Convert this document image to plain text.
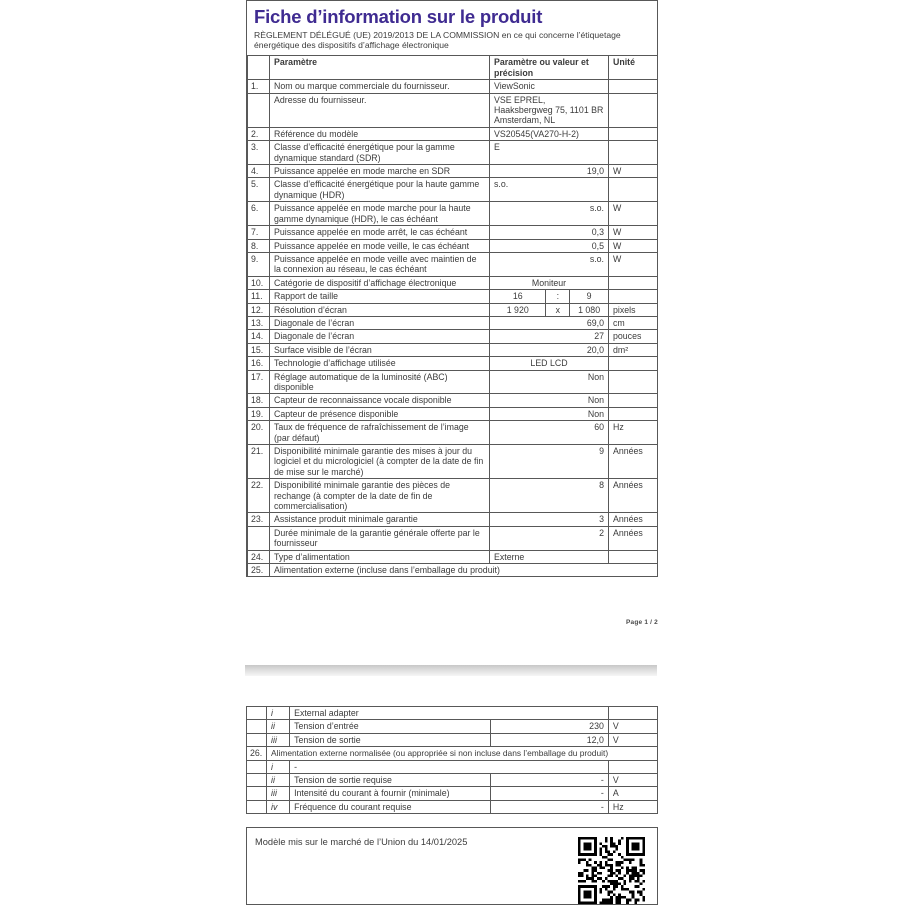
Fiche d’information sur le produit
RÈGLEMENT DÉLÉGUÉ (UE) 2019/2013 DE LA COMMISSION en ce qui concerne l’étiquetage énergétique des dispositifs d’affichage électronique
	Paramètre	Paramètre ou valeur et précision	Unité
1.	Nom ou marque commerciale du fournisseur.	ViewSonic	
	Adresse du fournisseur.	VSE EPREL, Haaksbergweg 75, 1101 BR Amsterdam, NL	
2.	Référence du modèle	VS20545(VA270-H-2)	
3.	Classe d’efficacité énergétique pour la gamme dynamique standard (SDR)	E	
4.	Puissance appelée en mode marche en SDR	19,0	W
5.	Classe d’efficacité énergétique pour la haute gamme dynamique (HDR)	s.o.	
6.	Puissance appelée en mode marche pour la haute gamme dynamique (HDR), le cas échéant	s.o.	W
7.	Puissance appelée en mode arrêt, le cas échéant	0,3	W
8.	Puissance appelée en mode veille, le cas échéant	0,5	W
9.	Puissance appelée en mode veille avec maintien de la connexion au réseau, le cas échéant	s.o.	W
10.	Catégorie de dispositif d’affichage électronique	Moniteur	
11.	Rapport de taille	16 : 9	

12.	Résolution d’écran	1 920 x 1 080	pixels
13.	Diagonale de l’écran	69,0	cm
14.	Diagonale de l’écran	27	pouces
15.	Surface visible de l’écran	20,0	dm²
16.	Technologie d’affichage utilisée	LED LCD	
17.	Réglage automatique de la luminosité (ABC) disponible	Non	
18.	Capteur de reconnaissance vocale disponible	Non	
19.	Capteur de présence disponible	Non	
20.	Taux de fréquence de rafraîchissement de l’image (par défaut)	60	Hz
21.	Disponibilité minimale garantie des mises à jour du logiciel et du micrologiciel (à compter de la date de fin de mise sur le marché)	9	Années
22.	Disponibilité minimale garantie des pièces de rechange (à compter de la date de fin de commercialisation)	8	Années
23.	Assistance produit minimale garantie	3	Années
	Durée minimale de la garantie générale offerte par le fournisseur	2	Années
24.	Type d’alimentation	Externe	
25.	Alimentation externe (incluse dans l’emballage du produit)		
Page 1 / 2
	i	External adapter		
	ii	Tension d’entrée	230	V
	iii	Tension de sortie	12,0	V
26.	Alimentation externe normalisée (ou appropriée si non incluse dans l’emballage du produit)			
	i	-		
	ii	Tension de sortie requise	-	V
	iii	Intensité du courant à fournir (minimale)	-	A
	iv	Fréquence du courant requise	-	Hz
Modèle mis sur le marché de l’Union du 14/01/2025
